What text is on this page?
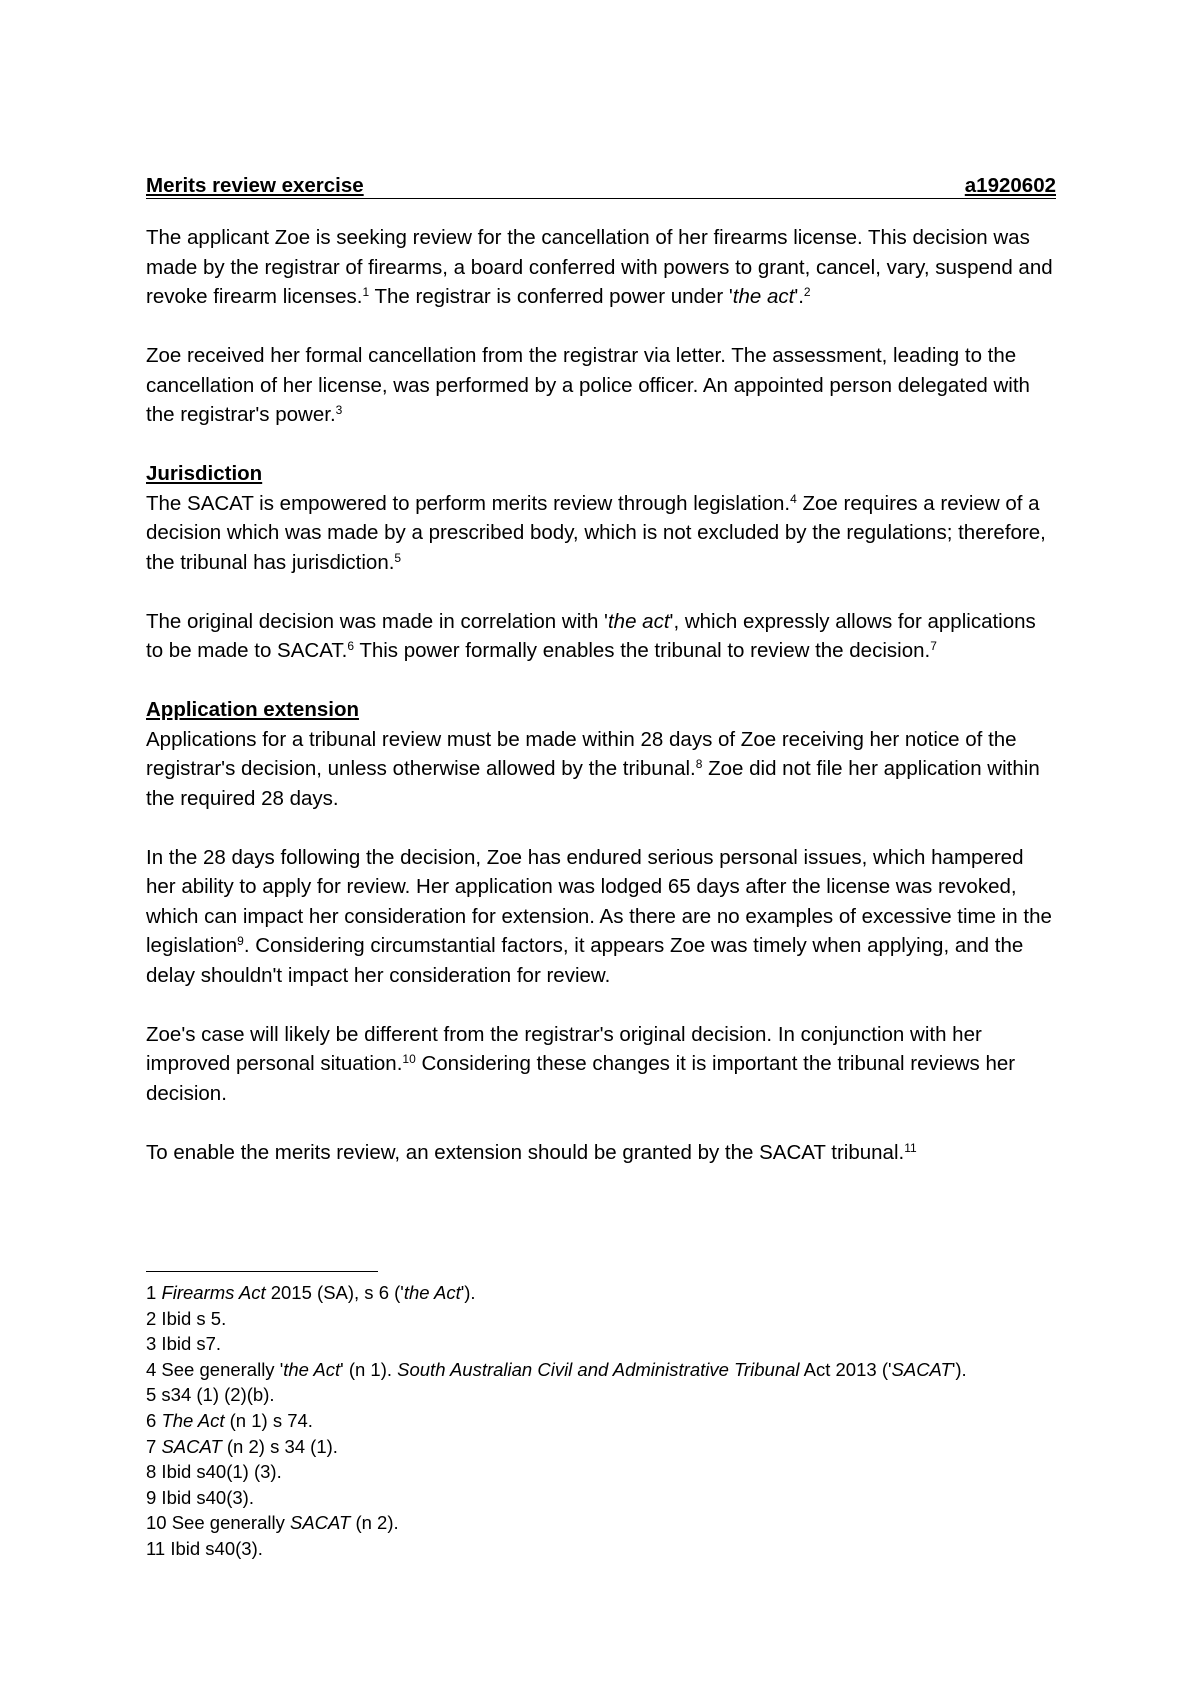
Merits review exercise	a1920602

The applicant Zoe is seeking review for the cancellation of her firearms license. This decision was made by the registrar of firearms, a board conferred with powers to grant, cancel, vary, suspend and revoke firearm licenses.$^1$ The registrar is conferred power under 'the act'.$^2$

Zoe received her formal cancellation from the registrar via letter. The assessment, leading to the cancellation of her license, was performed by a police officer. An appointed person delegated with the registrar's power.$^3$

Jurisdiction

The SACAT is empowered to perform merits review through legislation.$^4$ Zoe requires a review of a decision which was made by a prescribed body, which is not excluded by the regulations; therefore, the tribunal has jurisdiction.$^5$

The original decision was made in correlation with 'the act', which expressly allows for applications to be made to SACAT.$^6$ This power formally enables the tribunal to review the decision.$^7$

Application extension

Applications for a tribunal review must be made within 28 days of Zoe receiving her notice of the registrar's decision, unless otherwise allowed by the tribunal.$^8$ Zoe did not file her application within the required 28 days.

In the 28 days following the decision, Zoe has endured serious personal issues, which hampered her ability to apply for review. Her application was lodged 65 days after the license was revoked, which can impact her consideration for extension. As there are no examples of excessive time in the legislation$^9$. Considering circumstantial factors, it appears Zoe was timely when applying, and the delay shouldn't impact her consideration for review.

Zoe's case will likely be different from the registrar's original decision. In conjunction with her improved personal situation.$^{10}$ Considering these changes it is important the tribunal reviews her decision.

To enable the merits review, an extension should be granted by the SACAT tribunal.$^{11}$

1 Firearms Act 2015 (SA), s 6 ('the Act').
2 Ibid s 5.
3 Ibid s7.
4 See generally 'the Act' (n 1). South Australian Civil and Administrative Tribunal Act 2013 ('SACAT').
5 s34 (1) (2)(b).
6 The Act (n 1) s 74.
7 SACAT (n 2) s 34 (1).
8 Ibid s40(1) (3).
9 Ibid s40(3).
10 See generally SACAT (n 2).
11 Ibid s40(3).
